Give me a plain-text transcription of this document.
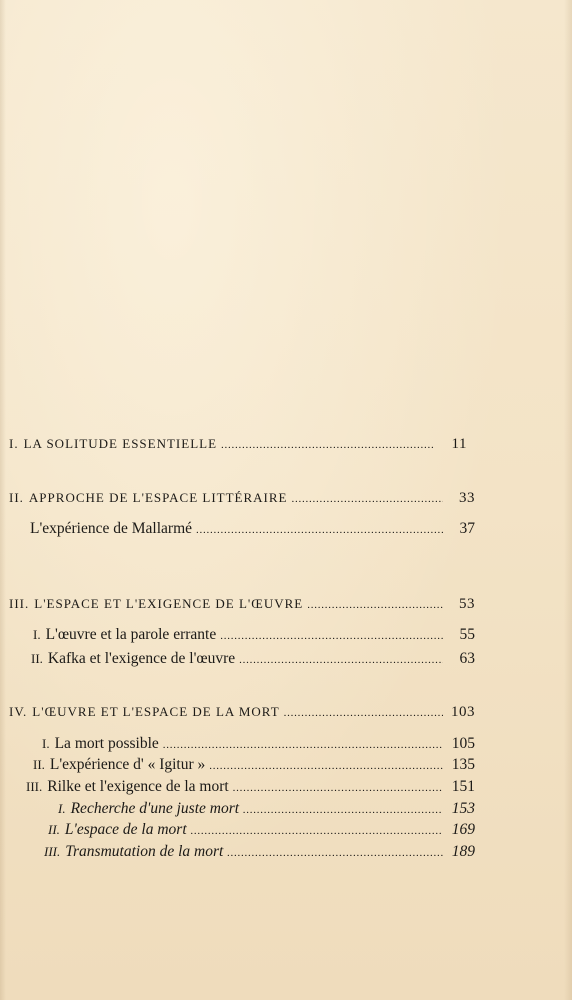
I. LA SOLITUDE ESSENTIELLE . . .	11
II. APPROCHE DE L'ESPACE LITTÉRAIRE . . .	33
L'expérience de Mallarmé . . .	37
III. L'ESPACE ET L'EXIGENCE DE L'ŒUVRE . . .	53
I. L'œuvre et la parole errante . . .	55
II. Kafka et l'exigence de l'œuvre . . .	63
IV. L'ŒUVRE ET L'ESPACE DE LA MORT . . .	103
I. La mort possible . . .	105
II. L'expérience d' « Igitur » . . .	135
III. Rilke et l'exigence de la mort . . .	151
I. Recherche d'une juste mort . . .	153
II. L'espace de la mort . . .	169
III. Transmutation de la mort . . .	189
